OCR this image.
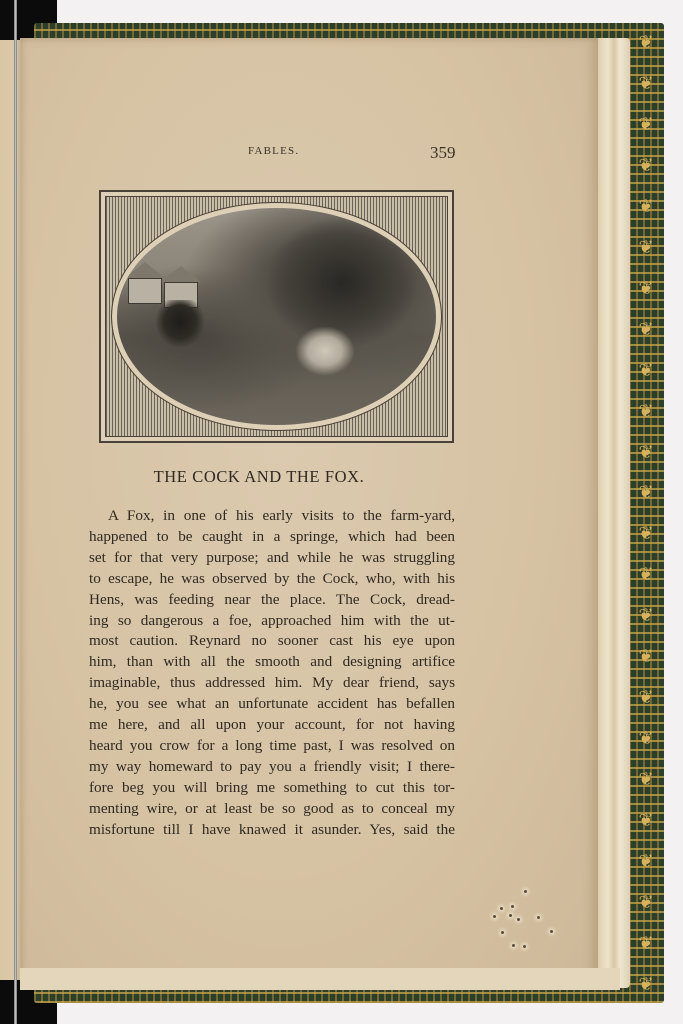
❦
❦
❦
❦
❦
❦
❦
❦
❦
❦
❦
❦
❦
❦
❦
❦
❦
❦
❦
❦
❦
❦
❦
❦
FABLES.	359
THE COCK AND THE FOX.
A Fox, in one of his early visits to the farm-yard,
happened to be caught in a springe, which had been
set for that very purpose; and while he was struggling
to escape, he was observed by the Cock, who, with his
Hens, was feeding near the place. The Cock, dread-
ing so dangerous a foe, approached him with the ut-
most caution. Reynard no sooner cast his eye upon
him, than with all the smooth and designing artifice
imaginable, thus addressed him. My dear friend, says
he, you see what an unfortunate accident has befallen
me here, and all upon your account, for not having
heard you crow for a long time past, I was resolved on
my way homeward to pay you a friendly visit; I there-
fore beg you will bring me something to cut this tor-
menting wire, or at least be so good as to conceal my
misfortune till I have knawed it asunder. Yes, said the
